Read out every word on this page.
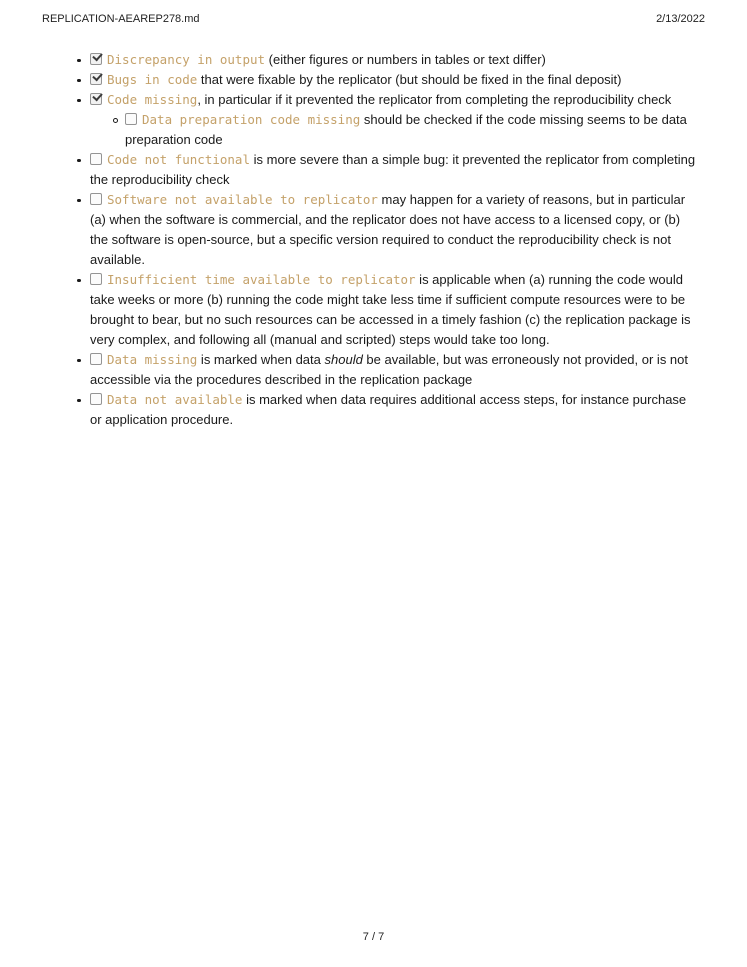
REPLICATION-AEAREP278.md	2/13/2022
Discrepancy in output (either figures or numbers in tables or text differ)
Bugs in code that were fixable by the replicator (but should be fixed in the final deposit)
Code missing, in particular if it prevented the replicator from completing the reproducibility check
Data preparation code missing should be checked if the code missing seems to be data preparation code
Code not functional is more severe than a simple bug: it prevented the replicator from completing the reproducibility check
Software not available to replicator may happen for a variety of reasons, but in particular (a) when the software is commercial, and the replicator does not have access to a licensed copy, or (b) the software is open-source, but a specific version required to conduct the reproducibility check is not available.
Insufficient time available to replicator is applicable when (a) running the code would take weeks or more (b) running the code might take less time if sufficient compute resources were to be brought to bear, but no such resources can be accessed in a timely fashion (c) the replication package is very complex, and following all (manual and scripted) steps would take too long.
Data missing is marked when data should be available, but was erroneously not provided, or is not accessible via the procedures described in the replication package
Data not available is marked when data requires additional access steps, for instance purchase or application procedure.
7 / 7
